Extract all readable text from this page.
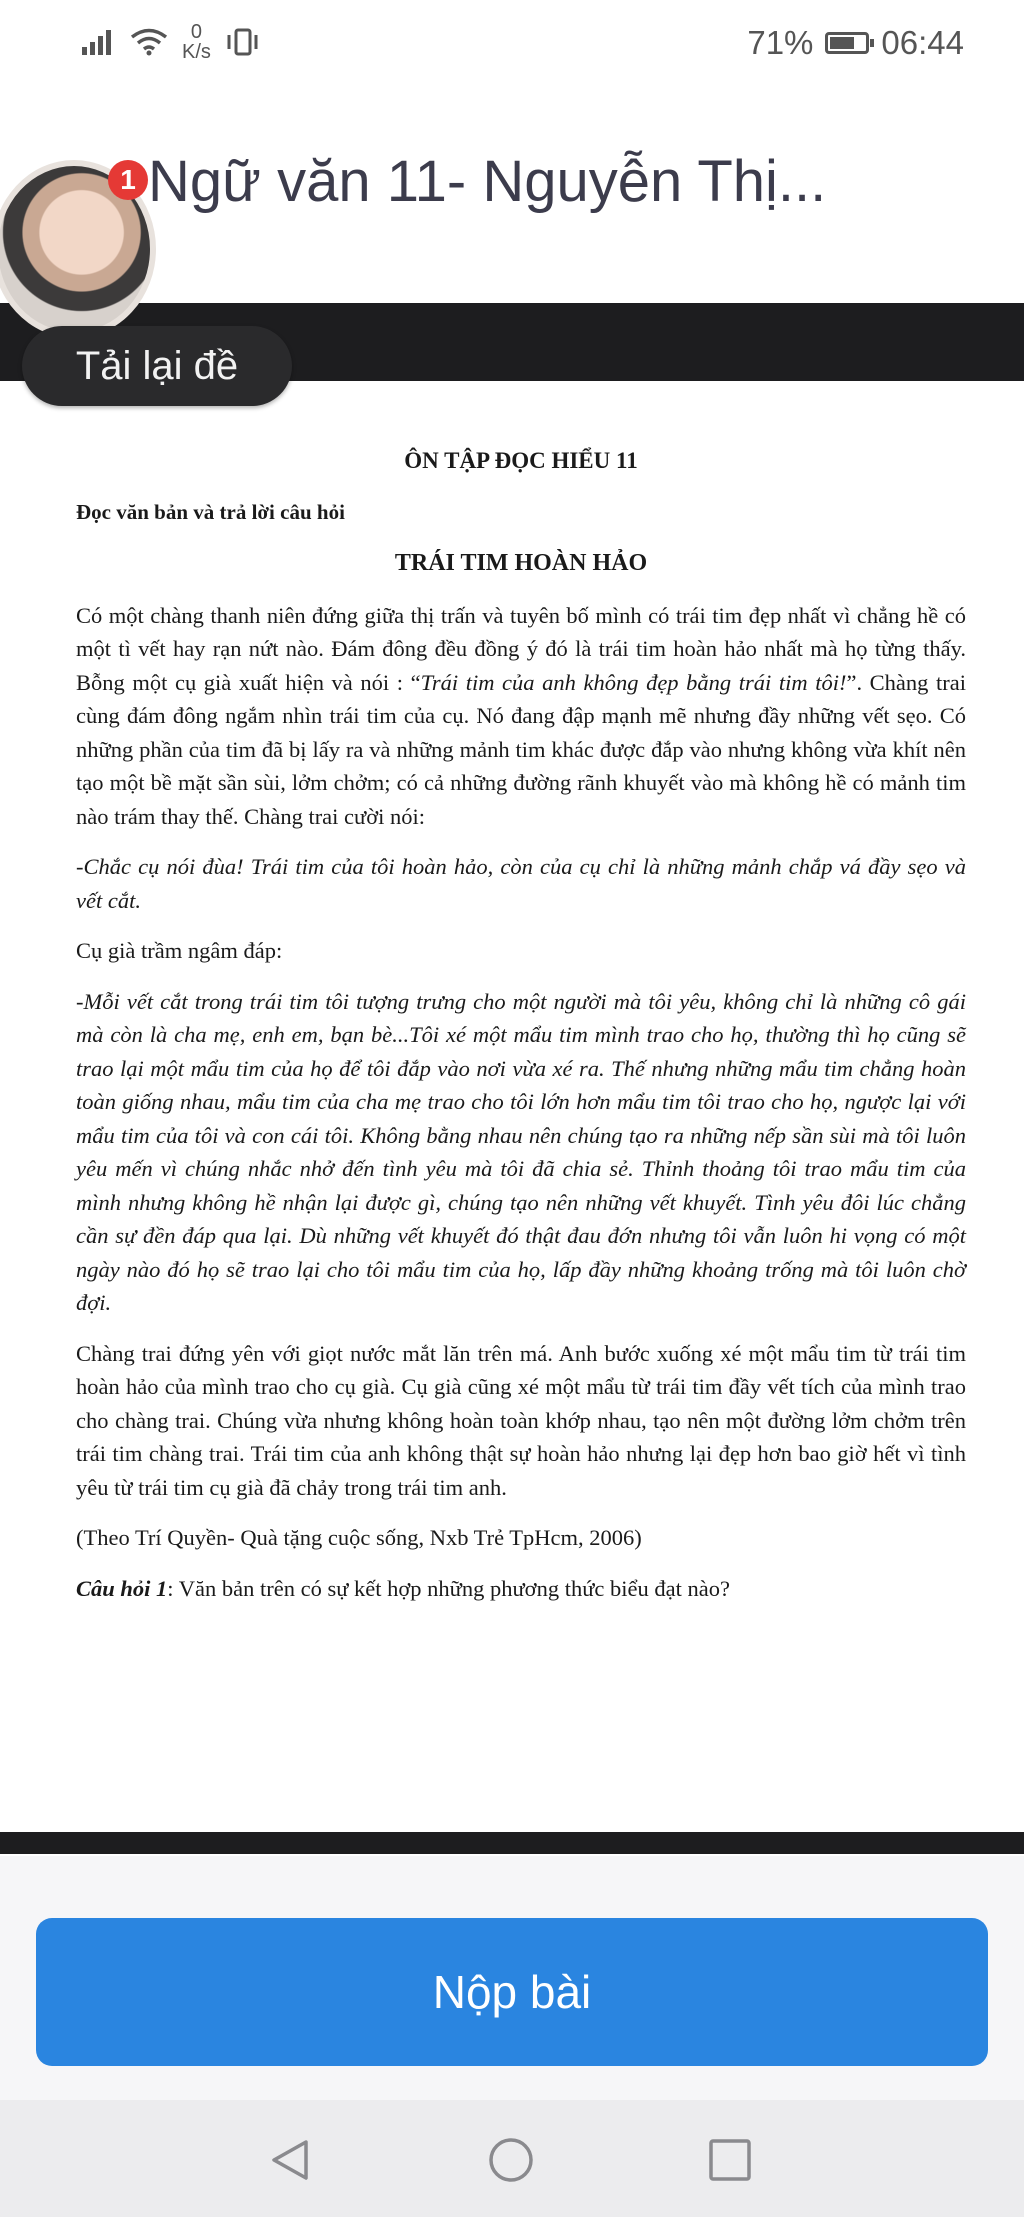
0
K/s	71% 06:44
Ngữ văn 11- Nguyễn Thị...
1
Tải lại đề
ÔN TẬP ĐỌC HIỂU 11
Đọc văn bản và trả lời câu hỏi
TRÁI TIM HOÀN HẢO

Có một chàng thanh niên đứng giữa thị trấn và tuyên bố mình có trái tim đẹp nhất vì chẳng hề có một tì vết hay rạn nứt nào. Đám đông đều đồng ý đó là trái tim hoàn hảo nhất mà họ từng thấy. Bỗng một cụ già xuất hiện và nói : “Trái tim của anh không đẹp bằng trái tim tôi!”. Chàng trai cùng đám đông ngắm nhìn trái tim của cụ. Nó đang đập mạnh mẽ nhưng đầy những vết sẹo. Có những phần của tim đã bị lấy ra và những mảnh tim khác được đắp vào nhưng không vừa khít nên tạo một bề mặt sần sùi, lởm chởm; có cả những đường rãnh khuyết vào mà không hề có mảnh tim nào trám thay thế. Chàng trai cười nói:

-Chắc cụ nói đùa! Trái tim của tôi hoàn hảo, còn của cụ chỉ là những mảnh chắp vá đầy sẹo và vết cắt.

Cụ già trầm ngâm đáp:

-Mỗi vết cắt trong trái tim tôi tượng trưng cho một người mà tôi yêu, không chỉ là những cô gái mà còn là cha mẹ, enh em, bạn bè...Tôi xé một mẩu tim mình trao cho họ, thường thì họ cũng sẽ trao lại một mẩu tim của họ để tôi đắp vào nơi vừa xé ra. Thế nhưng những mẩu tim chẳng hoàn toàn giống nhau, mẩu tim của cha mẹ trao cho tôi lớn hơn mẩu tim tôi trao cho họ, ngược lại với mẩu tim của tôi và con cái tôi. Không bằng nhau nên chúng tạo ra những nếp sần sùi mà tôi luôn yêu mến vì chúng nhắc nhở đến tình yêu mà tôi đã chia sẻ. Thỉnh thoảng tôi trao mẩu tim của mình nhưng không hề nhận lại được gì, chúng tạo nên những vết khuyết. Tình yêu đôi lúc chẳng cần sự đền đáp qua lại. Dù những vết khuyết đó thật đau đớn nhưng tôi vẫn luôn hi vọng có một ngày nào đó họ sẽ trao lại cho tôi mẩu tim của họ, lấp đầy những khoảng trống mà tôi luôn chờ đợi.

Chàng trai đứng yên với giọt nước mắt lăn trên má. Anh bước xuống xé một mẩu tim từ trái tim hoàn hảo của mình trao cho cụ già. Cụ già cũng xé một mẩu từ trái tim đầy vết tích của mình trao cho chàng trai. Chúng vừa nhưng không hoàn toàn khớp nhau, tạo nên một đường lởm chởm trên trái tim chàng trai. Trái tim của anh không thật sự hoàn hảo nhưng lại đẹp hơn bao giờ hết vì tình yêu từ trái tim cụ già đã chảy trong trái tim anh.

(Theo Trí Quyền- Quà tặng cuộc sống, Nxb Trẻ TpHcm, 2006)

Câu hỏi 1: Văn bản trên có sự kết hợp những phương thức biểu đạt nào?

Nộp bài
